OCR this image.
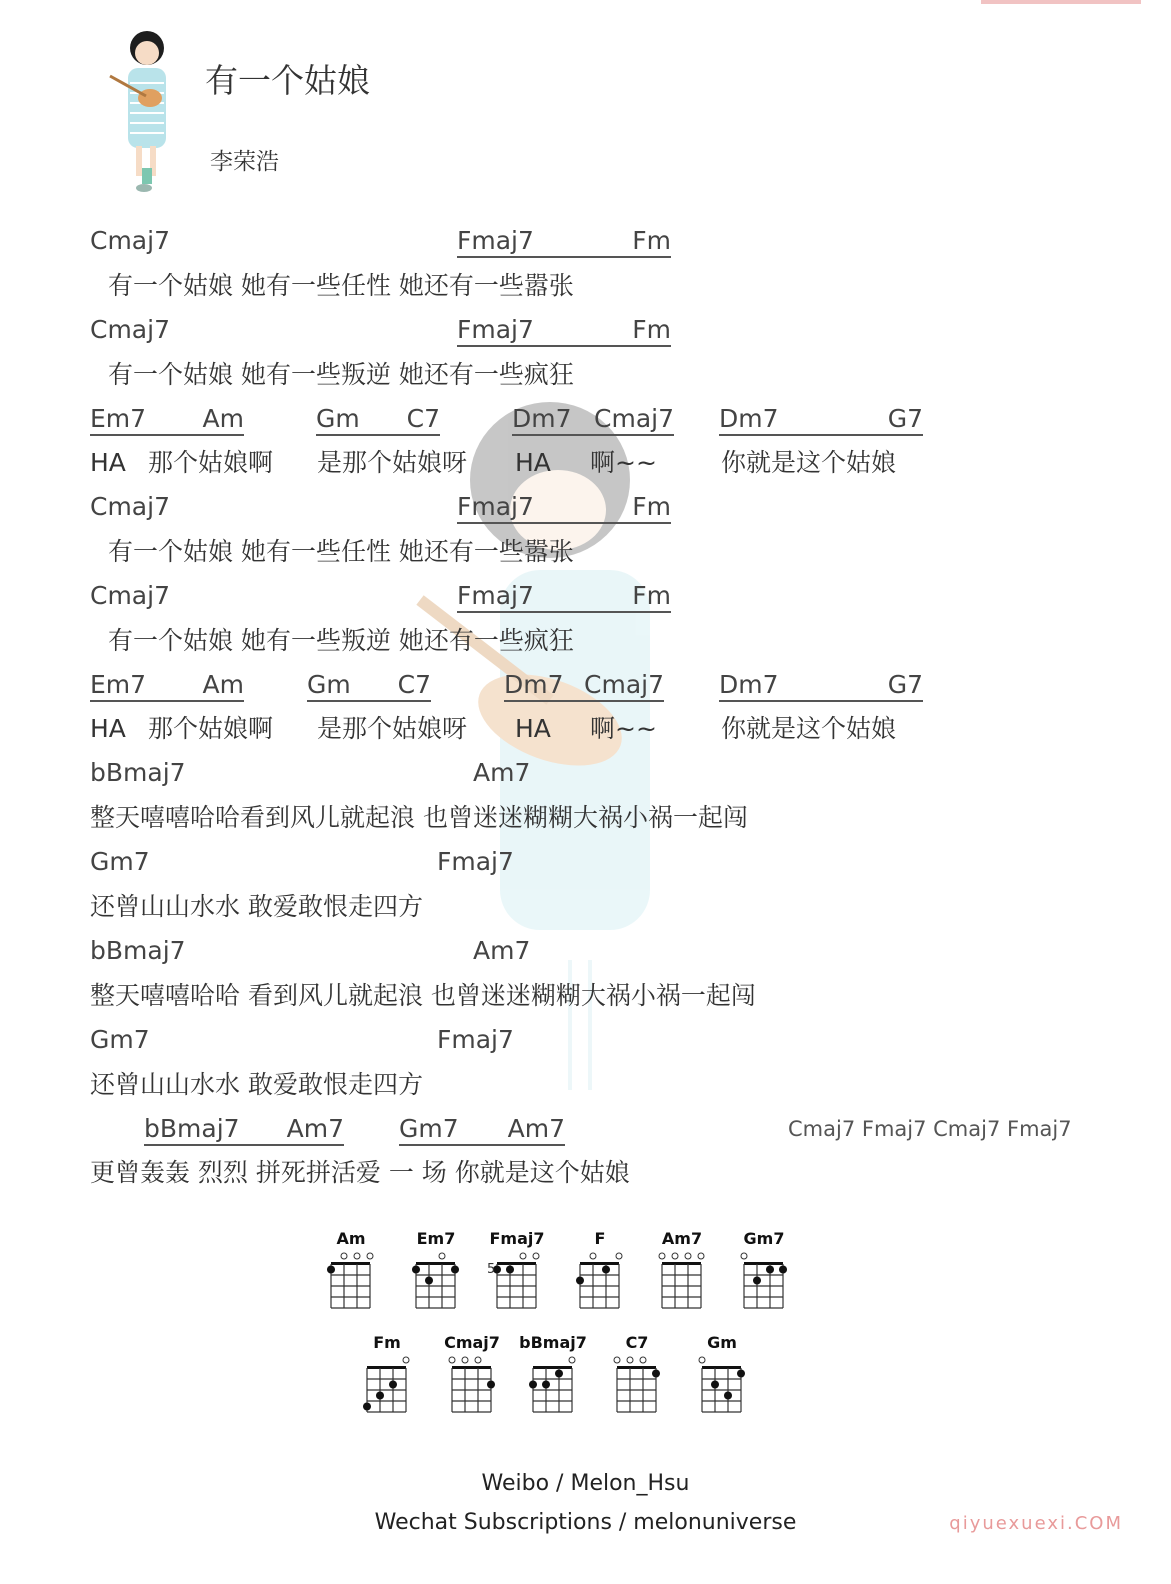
有一个姑娘
李荣浩
Cmaj7	Fmaj7	Fm
有一个姑娘 她有一些任性 她还有一些嚣张
Cmaj7	Fmaj7	Fm
有一个姑娘 她有一些叛逆 她还有一些疯狂
Em7 Am	Gm C7	Dm7 Cmaj7 Dm7	G7
HA 那个姑娘啊 是那个姑娘呀 HA 啊~~	你就是这个姑娘
Cmaj7	Fmaj7	Fm
有一个姑娘 她有一些任性 她还有一些嚣张
Cmaj7	Fmaj7	Fm
有一个姑娘 她有一些叛逆 她还有一些疯狂
Em7 Am	Gm C7	Dm7 Cmaj7 Dm7	G7
HA 那个姑娘啊 是那个姑娘呀 HA 啊~~	你就是这个姑娘
bBmaj7	Am7
整天嘻嘻哈哈看到风儿就起浪 也曾迷迷糊糊大祸小祸一起闯
Gm7	Fmaj7
还曾山山水水 敢爱敢恨走四方
bBmaj7	Am7
整天嘻嘻哈哈 看到风儿就起浪 也曾迷迷糊糊大祸小祸一起闯
Gm7	Fmaj7
还曾山山水水 敢爱敢恨走四方
bBmaj7 Am7 Gm7 Am7	Cmaj7 Fmaj7 Cmaj7 Fmaj7
更曾轰轰 烈烈 拼死拼活爱 一 场 你就是这个姑娘
Am	Em7 Fmaj7
5
F	Am7	Gm7
Fm	Cmaj7 bBmaj7 C7	Gm
Weibo / Melon_Hsu
Wechat Subscriptions / melonuniverse	qiyuexuexi.COM
